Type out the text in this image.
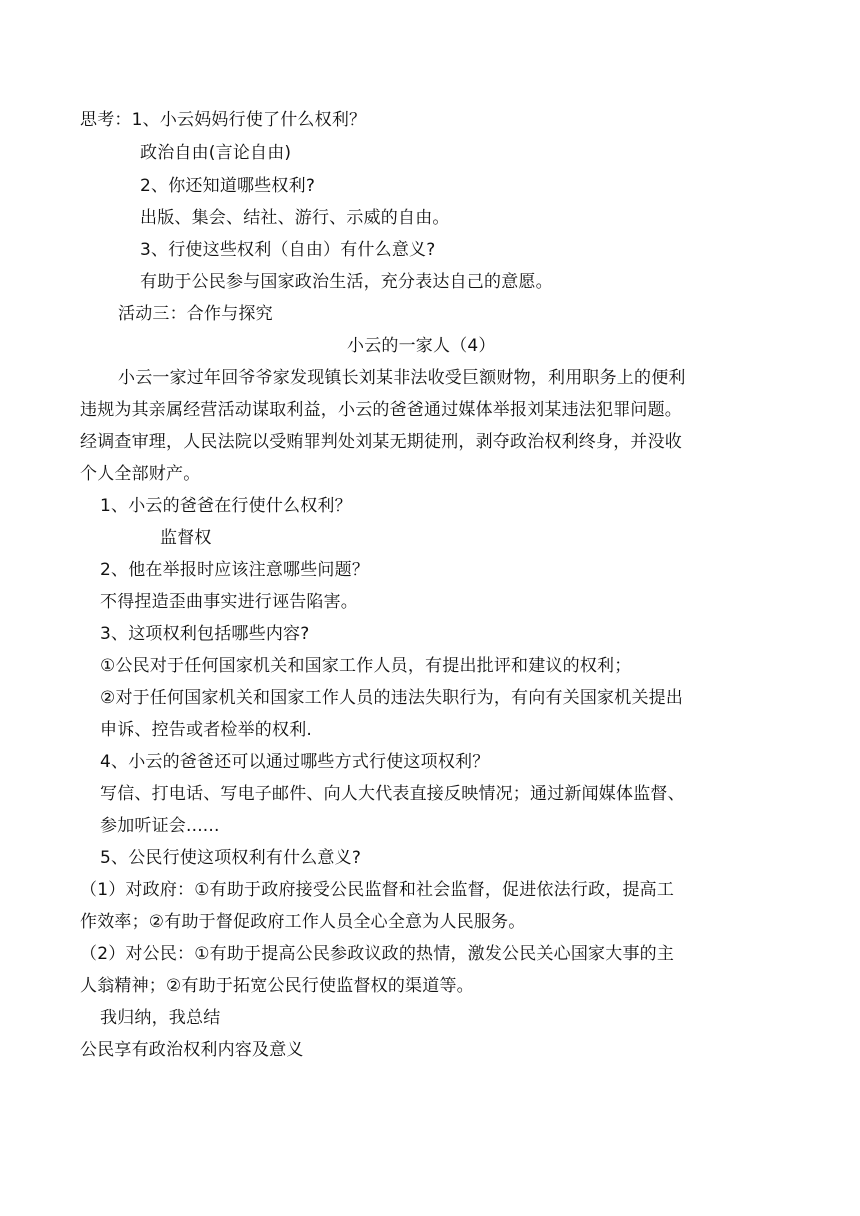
思考：1、小云妈妈行使了什么权利？
政治自由(言论自由)
2、你还知道哪些权利?
出版、集会、结社、游行、示威的自由。
3、行使这些权利（自由）有什么意义?
有助于公民参与国家政治生活，充分表达自己的意愿。
活动三：合作与探究
小云的一家人（4）
小云一家过年回爷爷家发现镇长刘某非法收受巨额财物，利用职务上的便利
违规为其亲属经营活动谋取利益，小云的爸爸通过媒体举报刘某违法犯罪问题。
经调查审理，人民法院以受贿罪判处刘某无期徒刑，剥夺政治权利终身，并没收
个人全部财产。
1、小云的爸爸在行使什么权利？
监督权
2、他在举报时应该注意哪些问题？
不得捏造歪曲事实进行诬告陷害。
3、这项权利包括哪些内容?
①公民对于任何国家机关和国家工作人员，有提出批评和建议的权利；
②对于任何国家机关和国家工作人员的违法失职行为，有向有关国家机关提出
申诉、控告或者检举的权利.
4、小云的爸爸还可以通过哪些方式行使这项权利？
写信、打电话、写电子邮件、向人大代表直接反映情况；通过新闻媒体监督、
参加听证会......
5、公民行使这项权利有什么意义?
（1）对政府：①有助于政府接受公民监督和社会监督，促进依法行政，提高工
作效率；②有助于督促政府工作人员全心全意为人民服务。
（2）对公民：①有助于提高公民参政议政的热情，激发公民关心国家大事的主
人翁精神；②有助于拓宽公民行使监督权的渠道等。
我归纳，我总结
公民享有政治权利内容及意义
